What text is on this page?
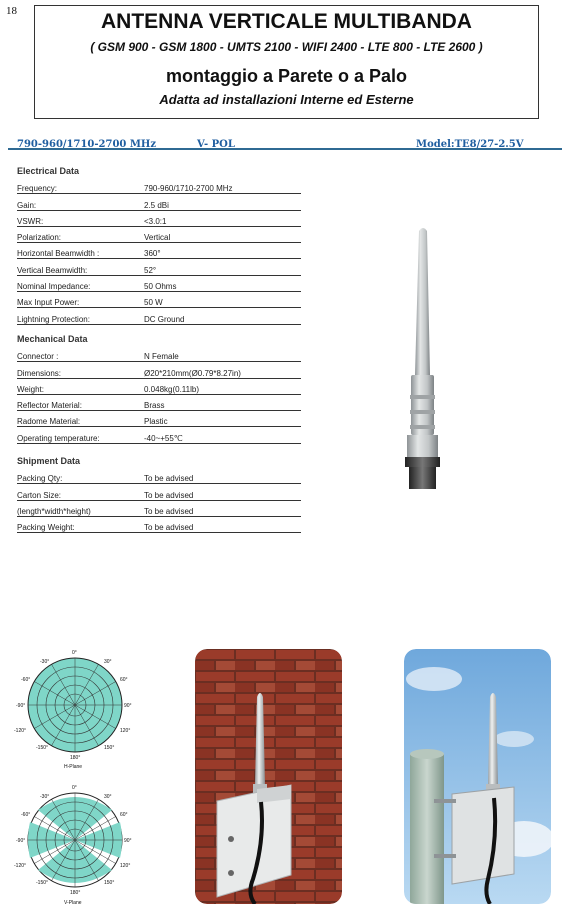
18	ANTENNA VERTICALE MULTIBANDA
( GSM 900 - GSM 1800 - UMTS 2100 - WIFI 2400 - LTE 800 - LTE 2600 )
montaggio a Parete o a Palo
Adatta ad installazioni Interne ed Esterne
790-960/1710-2700 MHz	V- POL	Model:TE8/27-2.5V
Electrical Data
Frequency:	790-960/1710-2700 MHz
Gain:	2.5 dBi
VSWR:	<3.0:1
Polarization:	Vertical
Horizontal Beamwidth :	360°
Vertical Beamwidth:	52°
Nominal Impedance:	50 Ohms
Max Input Power:	50 W
Lightning Protection:	DC Ground
Mechanical Data
Connector :	N Female
Dimensions:	Ø20*210mm(Ø0.79*8.27in)
Weight:	0.048kg(0.11lb)
Reflector Material:	Brass
Radome Material:	Plastic
Operating temperature:	-40~+55℃
Shipment Data
Packing Qty:	To be advised
Carton Size:	To be advised
(length*width*height)	To be advised
Packing Weight:	To be advised
0°
-30°	30°
-60°	60°
-90°	90°
-120°	120°
-150°	150°
180°
H-Plane
0°
-30°	30°
-60°	60°
-90°	90°
-120°	120°
-150°	150°
180°
V-Plane
